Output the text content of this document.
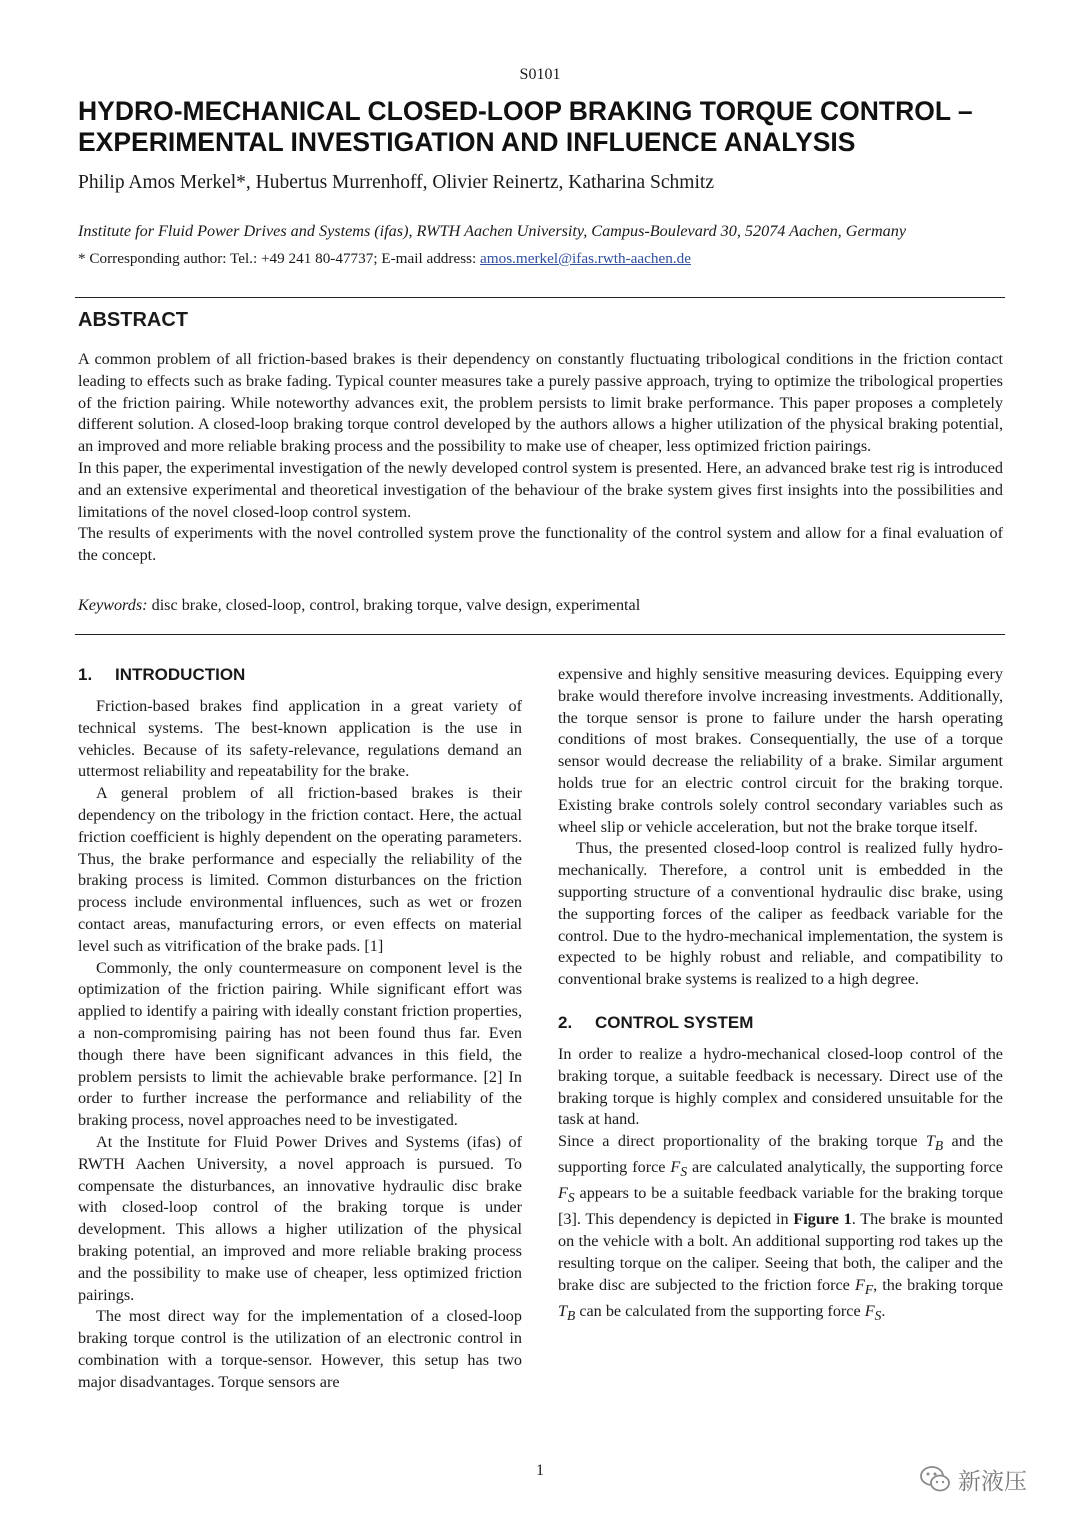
S0101
HYDRO-MECHANICAL CLOSED-LOOP BRAKING TORQUE CONTROL – EXPERIMENTAL INVESTIGATION AND INFLUENCE ANALYSIS
Philip Amos Merkel*, Hubertus Murrenhoff, Olivier Reinertz, Katharina Schmitz
Institute for Fluid Power Drives and Systems (ifas), RWTH Aachen University, Campus-Boulevard 30, 52074 Aachen, Germany
* Corresponding author: Tel.: +49 241 80-47737; E-mail address: amos.merkel@ifas.rwth-aachen.de
ABSTRACT

A common problem of all friction-based brakes is their dependency on constantly fluctuating tribological conditions in the friction contact leading to effects such as brake fading. Typical counter measures take a purely passive approach, trying to optimize the tribological properties of the friction pairing. While noteworthy advances exit, the problem persists to limit brake performance. This paper proposes a completely different solution. A closed-loop braking torque control developed by the authors allows a higher utilization of the physical braking potential, an improved and more reliable braking process and the possibility to make use of cheaper, less optimized friction pairings.

In this paper, the experimental investigation of the newly developed control system is presented. Here, an advanced brake test rig is introduced and an extensive experimental and theoretical investigation of the behaviour of the brake system gives first insights into the possibilities and limitations of the novel closed-loop control system.

The results of experiments with the novel controlled system prove the functionality of the control system and allow for a final evaluation of the concept.

Keywords: disc brake, closed-loop, control, braking torque, valve design, experimental
1.	INTRODUCTION

Friction-based brakes find application in a great variety of technical systems. The best-known application is the use in vehicles. Because of its safety-relevance, regulations demand an uttermost reliability and repeatability for the brake.

A general problem of all friction-based brakes is their dependency on the tribology in the friction contact. Here, the actual friction coefficient is highly dependent on the operating parameters. Thus, the brake performance and especially the reliability of the braking process is limited. Common disturbances on the friction process include environmental influences, such as wet or frozen contact areas, manufacturing errors, or even effects on material level such as vitrification of the brake pads. [1]

Commonly, the only countermeasure on component level is the optimization of the friction pairing. While significant effort was applied to identify a pairing with ideally constant friction properties, a non-compromising pairing has not been found thus far. Even though there have been significant advances in this field, the problem persists to limit the achievable brake performance. [2] In order to further increase the performance and reliability of the braking process, novel approaches need to be investigated.

At the Institute for Fluid Power Drives and Systems (ifas) of RWTH Aachen University, a novel approach is pursued. To compensate the disturbances, an innovative hydraulic disc brake with closed-loop control of the braking torque is under development. This allows a higher utilization of the physical braking potential, an improved and more reliable braking process and the possibility to make use of cheaper, less optimized friction pairings.

The most direct way for the implementation of a closed-loop braking torque control is the utilization of an electronic control in combination with a torque-sensor. However, this setup has two major disadvantages. Torque sensors are

expensive and highly sensitive measuring devices. Equipping every brake would therefore involve increasing investments. Additionally, the torque sensor is prone to failure under the harsh operating conditions of most brakes. Consequentially, the use of a torque sensor would decrease the reliability of a brake. Similar argument holds true for an electric control circuit for the braking torque. Existing brake controls solely control secondary variables such as wheel slip or vehicle acceleration, but not the brake torque itself.

Thus, the presented closed-loop control is realized fully hydro-mechanically. Therefore, a control unit is embedded in the supporting structure of a conventional hydraulic disc brake, using the supporting forces of the caliper as feedback variable for the control. Due to the hydro-mechanical implementation, the system is expected to be highly robust and reliable, and compatibility to conventional brake systems is realized to a high degree.

2.	CONTROL SYSTEM

In order to realize a hydro-mechanical closed-loop control of the braking torque, a suitable feedback is necessary. Direct use of the braking torque is highly complex and considered unsuitable for the task at hand.

Since a direct proportionality of the braking torque $T_B$ and the supporting force $F_S$ are calculated analytically, the supporting force $F_S$ appears to be a suitable feedback variable for the braking torque [3]. This dependency is depicted in Figure 1. The brake is mounted on the vehicle with a bolt. An additional supporting rod takes up the resulting torque on the caliper. Seeing that both, the caliper and the brake disc are subjected to the friction force $F_F$, the braking torque $T_B$ can be calculated from the supporting force $F_S$.

1	新液压
